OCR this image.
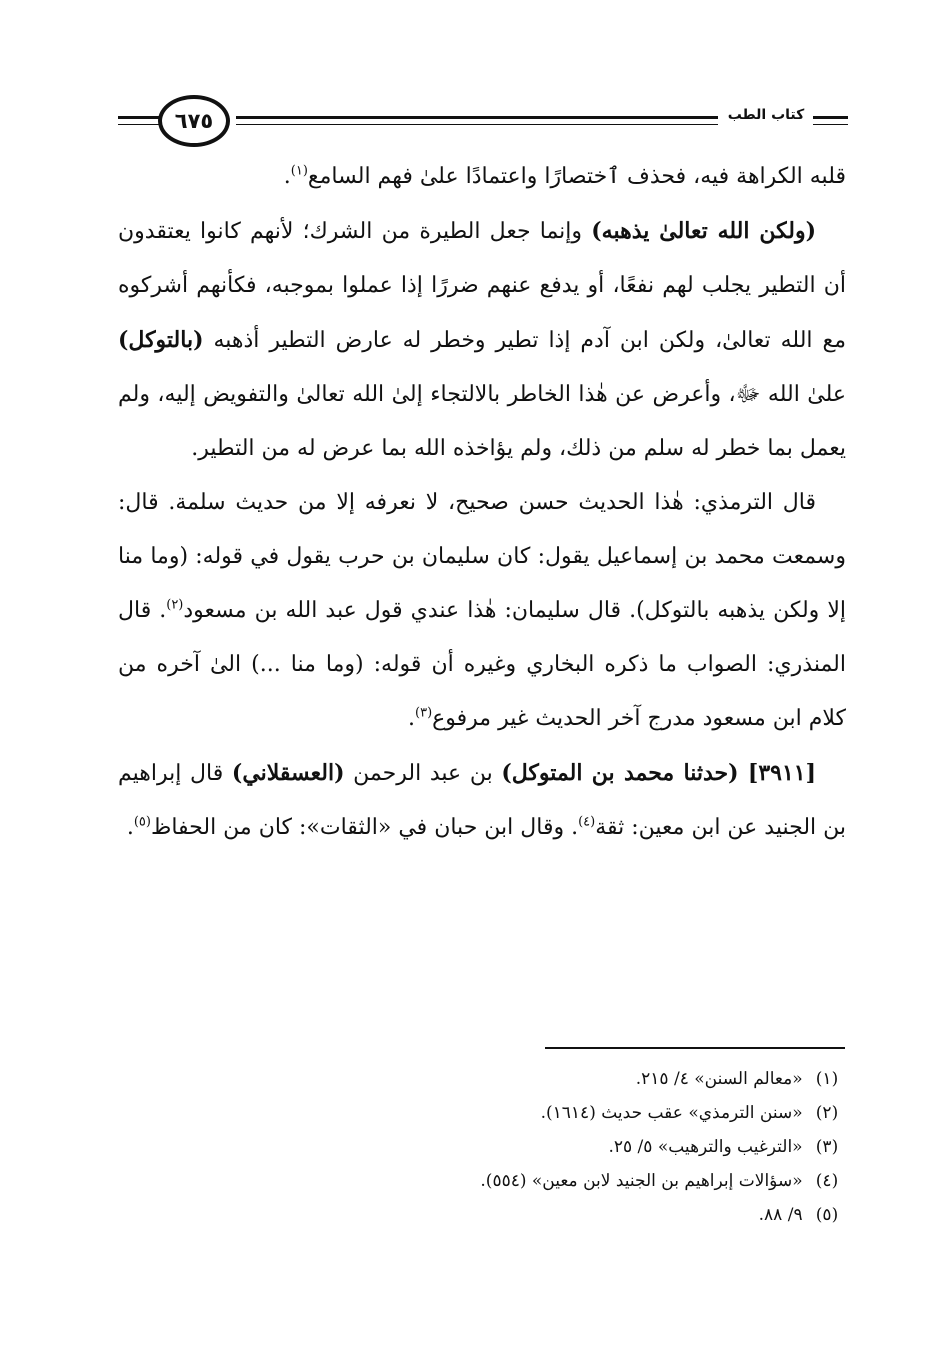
٦٧٥	كتاب الطب

قلبه الكراهة فيه، فحذف ٱختصارًا واعتمادًا علىٰ فهم السامع$^{(١)}$.

(ولكن الله تعالىٰ يذهبه) وإنما جعل الطيرة من الشرك؛ لأنهم كانوا يعتقدون أن التطير يجلب لهم نفعًا، أو يدفع عنهم ضررًا إذا عملوا بموجبه، فكأنهم أشركوه مع الله تعالىٰ، ولكن ابن آدم إذا تطير وخطر له عارض التطير أذهبه (بالتوكل) علىٰ الله ﷻ، وأعرض عن هٰذا الخاطر بالالتجاء إلىٰ الله تعالىٰ والتفويض إليه، ولم يعمل بما خطر له سلم من ذلك، ولم يؤاخذه الله بما عرض له من التطير.

قال الترمذي: هٰذا الحديث حسن صحيح، لا نعرفه إلا من حديث سلمة. قال: وسمعت محمد بن إسماعيل يقول: كان سليمان بن حرب يقول في قوله: (وما منا إلا ولكن يذهبه بالتوكل). قال سليمان: هٰذا عندي قول عبد الله بن مسعود$^{(٢)}$. قال المنذري: الصواب ما ذكره البخاري وغيره أن قوله: (وما منا ...) الىٰ آخره من كلام ابن مسعود مدرج آخر الحديث غير مرفوع$^{(٣)}$.

[٣٩١١] (حدثنا محمد بن المتوكل) بن عبد الرحمن (العسقلاني) قال إبراهيم بن الجنيد عن ابن معين: ثقة$^{(٤)}$. وقال ابن حبان في «الثقات»: كان من الحفاظ$^{(٥)}$.

(١) «معالم السنن» ٤/ ٢١٥.
(٢) «سنن الترمذي» عقب حديث (١٦١٤).
(٣) «الترغيب والترهيب» ٥/ ٢٥.
(٤) «سؤالات إبراهيم بن الجنيد لابن معين» (٥٥٤).
(٥) ٩/ ٨٨.
